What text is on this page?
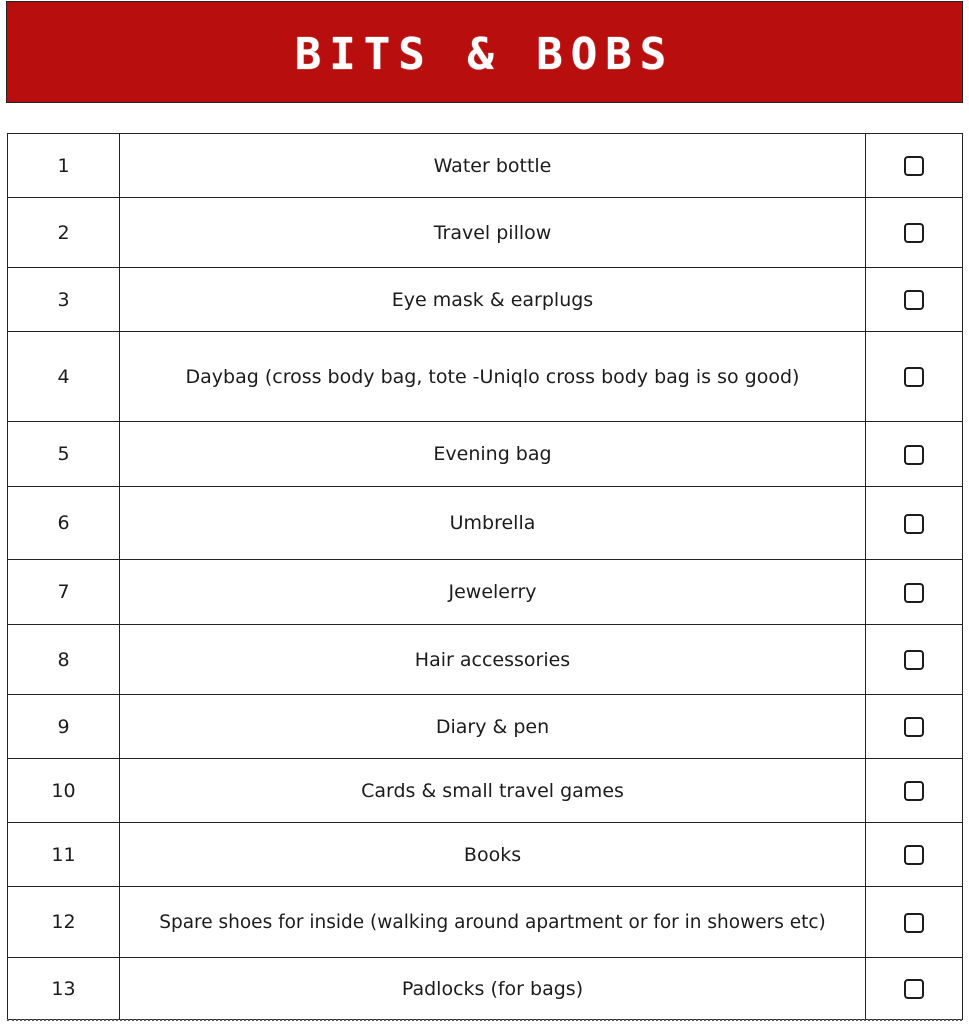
BITS & BOBS
1	Water bottle	
2	Travel pillow	
3	Eye mask & earplugs	
4	Daybag (cross body bag, tote -Uniqlo cross body bag is so good)	
5	Evening bag	
6	Umbrella	
7	Jewelerry	
8	Hair accessories	
9	Diary & pen	
10	Cards & small travel games	
11	Books	
12	Spare shoes for inside (walking around apartment or for in showers etc)	
13	Padlocks (for bags)	
